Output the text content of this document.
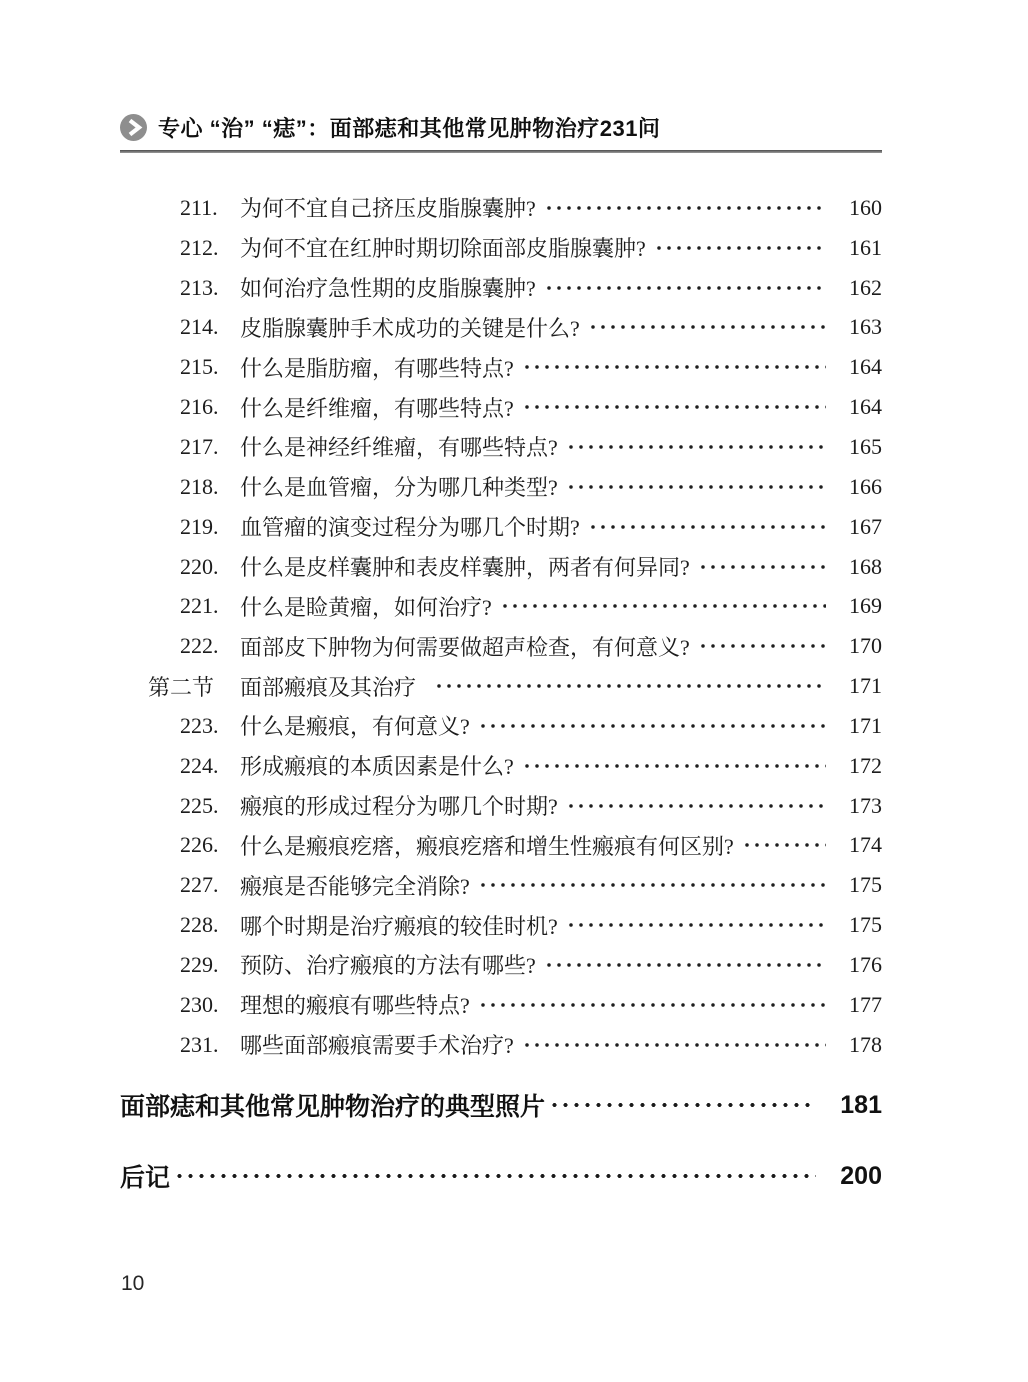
专心 “治” “痣”：面部痣和其他常见肿物治疗231问
211.	为何不宜自己挤压皮脂腺囊肿?	160
212. 为何不宜在红肿时期切除面部皮脂腺囊肿?	161
213. 如何治疗急性期的皮脂腺囊肿?	162
214. 皮脂腺囊肿手术成功的关键是什么?	163
215. 什么是脂肪瘤，有哪些特点?	164
216. 什么是纤维瘤，有哪些特点?	164
217. 什么是神经纤维瘤，有哪些特点?	165
218. 什么是血管瘤，分为哪几种类型?	166
219. 血管瘤的演变过程分为哪几个时期?	167
220. 什么是皮样囊肿和表皮样囊肿，两者有何异同?	168
221. 什么是睑黄瘤，如何治疗?	169
222. 面部皮下肿物为何需要做超声检查，有何意义?	170
第二节	面部瘢痕及其治疗	171
223. 什么是瘢痕，有何意义?	171
224. 形成瘢痕的本质因素是什么?	172
225. 瘢痕的形成过程分为哪几个时期?	173
226. 什么是瘢痕疙瘩，瘢痕疙瘩和增生性瘢痕有何区别?	174
227. 瘢痕是否能够完全消除?	175
228. 哪个时期是治疗瘢痕的较佳时机?	175
229. 预防、治疗瘢痕的方法有哪些?	176
230. 理想的瘢痕有哪些特点?	177
231. 哪些面部瘢痕需要手术治疗?	178
面部痣和其他常见肿物治疗的典型照片	181
后记	200
10
